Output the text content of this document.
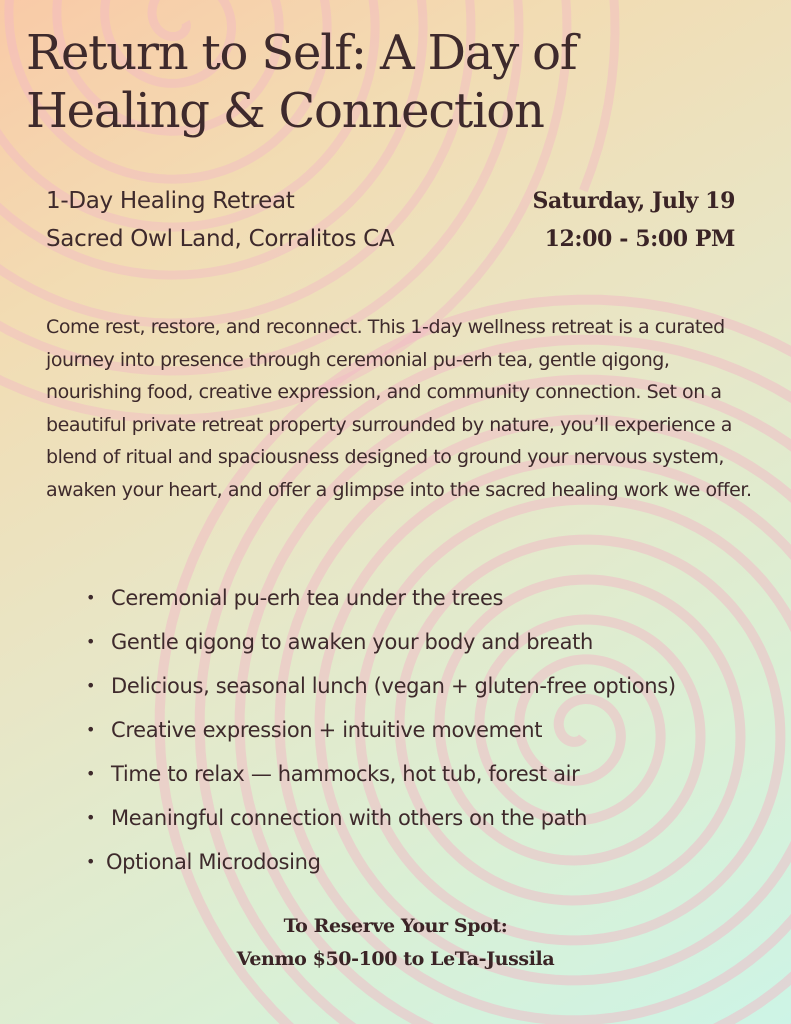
Return to Self: A Day of
Healing & Connection
1-Day Healing Retreat
Sacred Owl Land, Corralitos CA
Saturday, July 19
12:00 - 5:00 PM

Come rest, restore, and reconnect. This 1-day wellness retreat is a curated journey into presence through ceremonial pu-erh tea, gentle qigong, nourishing food, creative expression, and community connection. Set on a beautiful private retreat property surrounded by nature, you’ll experience a blend of ritual and spaciousness designed to ground your nervous system, awaken your heart, and offer a glimpse into the sacred healing work we offer.

• Ceremonial pu-erh tea under the trees
• Gentle qigong to awaken your body and breath
• Delicious, seasonal lunch (vegan + gluten-free options)
• Creative expression + intuitive movement
• Time to relax — hammocks, hot tub, forest air
• Meaningful connection with others on the path
• Optional Microdosing
To Reserve Your Spot:
Venmo $50-100 to LeTa-Jussila
